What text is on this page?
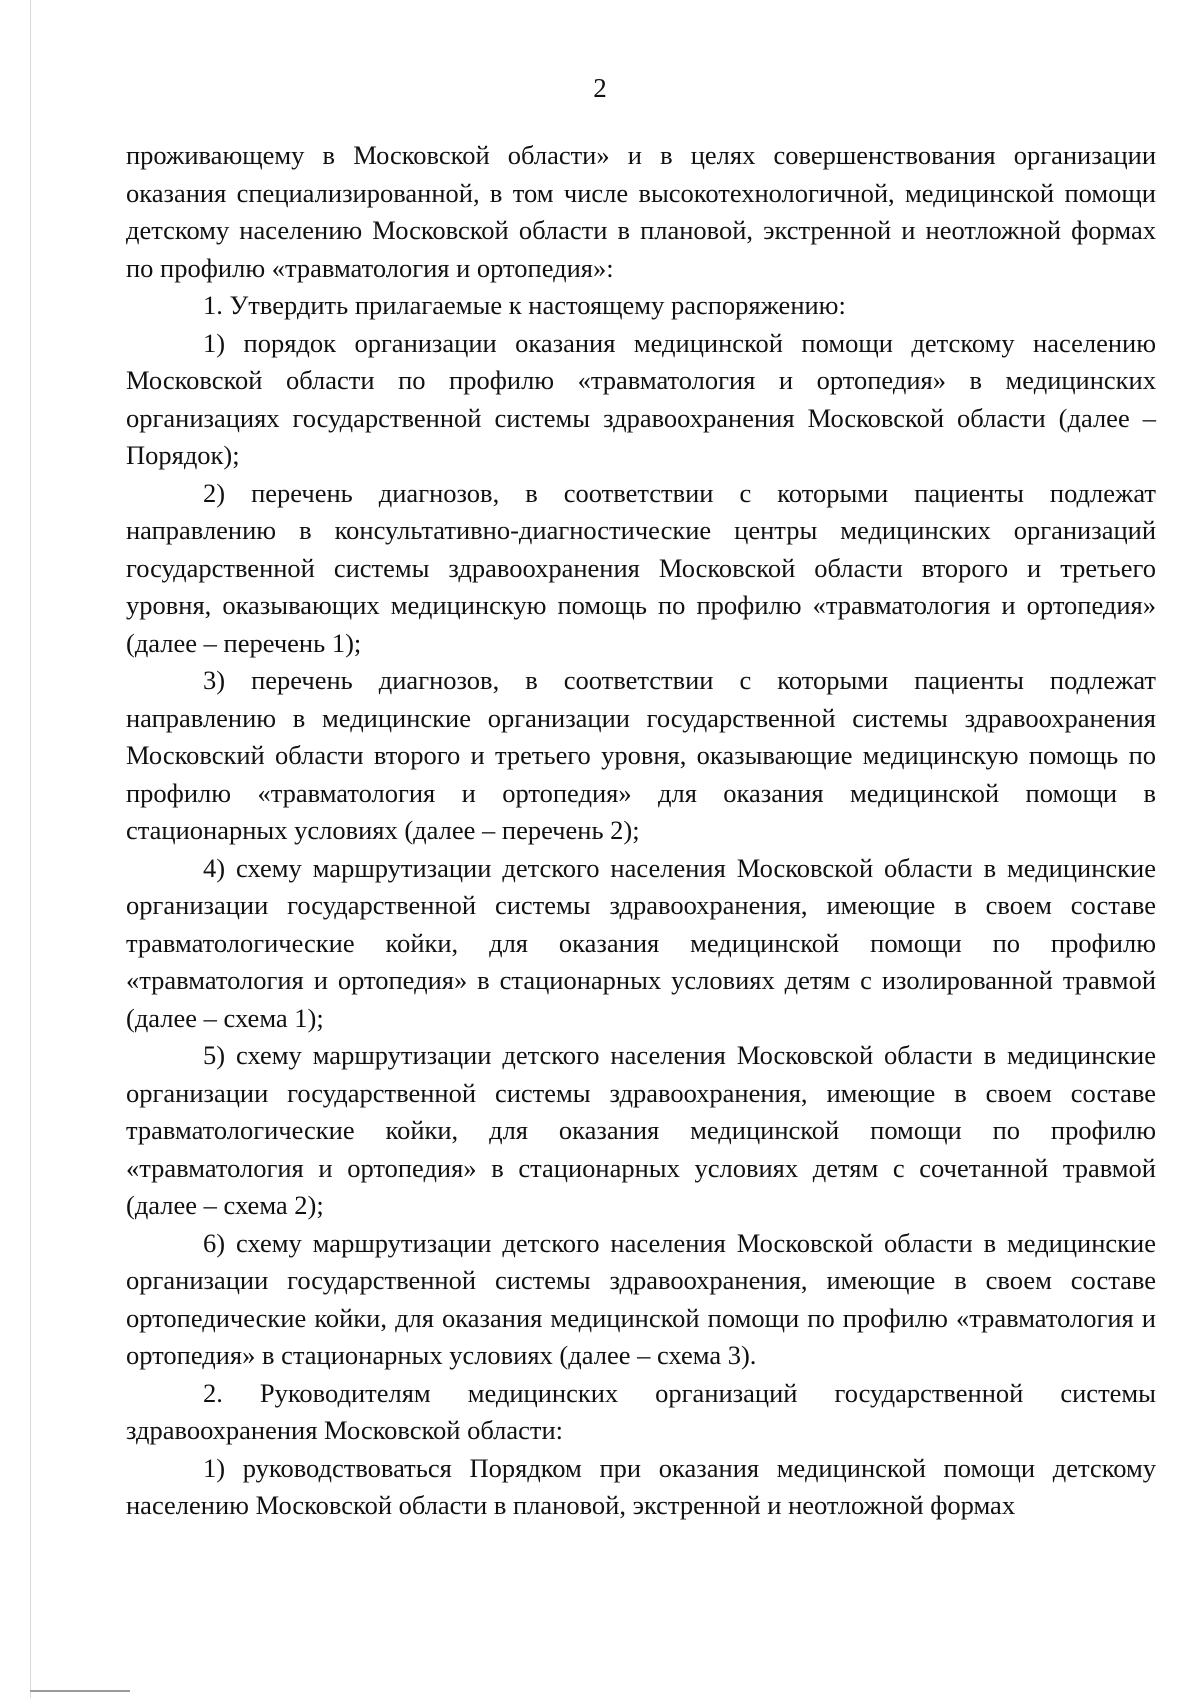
2

проживающему в Московской области» и в целях совершенствования организации оказания специализированной, в том числе высокотехнологичной, медицинской помощи детскому населению Московской области в плановой, экстренной и неотложной формах по профилю «травматология и ортопедия»:

1. Утвердить прилагаемые к настоящему распоряжению:

1) порядок организации оказания медицинской помощи детскому населению Московской области по профилю «травматология и ортопедия» в медицинских организациях государственной системы здравоохранения Московской области (далее – Порядок);

2) перечень диагнозов, в соответствии с которыми пациенты подлежат направлению в консультативно-диагностические центры медицинских организаций государственной системы здравоохранения Московской области второго и третьего уровня, оказывающих медицинскую помощь по профилю «травматология и ортопедия» (далее – перечень 1);

3) перечень диагнозов, в соответствии с которыми пациенты подлежат направлению в медицинские организации государственной системы здравоохранения Московский области второго и третьего уровня, оказывающие медицинскую помощь по профилю «травматология и ортопедия» для оказания медицинской помощи в стационарных условиях (далее – перечень 2);

4) схему маршрутизации детского населения Московской области в медицинские организации государственной системы здравоохранения, имеющие в своем составе травматологические койки, для оказания медицинской помощи по профилю «травматология и ортопедия» в стационарных условиях детям с изолированной травмой (далее – схема 1);

5) схему маршрутизации детского населения Московской области в медицинские организации государственной системы здравоохранения, имеющие в своем составе травматологические койки, для оказания медицинской помощи по профилю «травматология и ортопедия» в стационарных условиях детям с сочетанной травмой (далее – схема 2);

6) схему маршрутизации детского населения Московской области в медицинские организации государственной системы здравоохранения, имеющие в своем составе ортопедические койки, для оказания медицинской помощи по профилю «травматология и ортопедия» в стационарных условиях (далее – схема 3).

2. Руководителям медицинских организаций государственной системы здравоохранения Московской области:

1) руководствоваться Порядком при оказания медицинской помощи детскому населению Московской области в плановой, экстренной и неотложной формах
